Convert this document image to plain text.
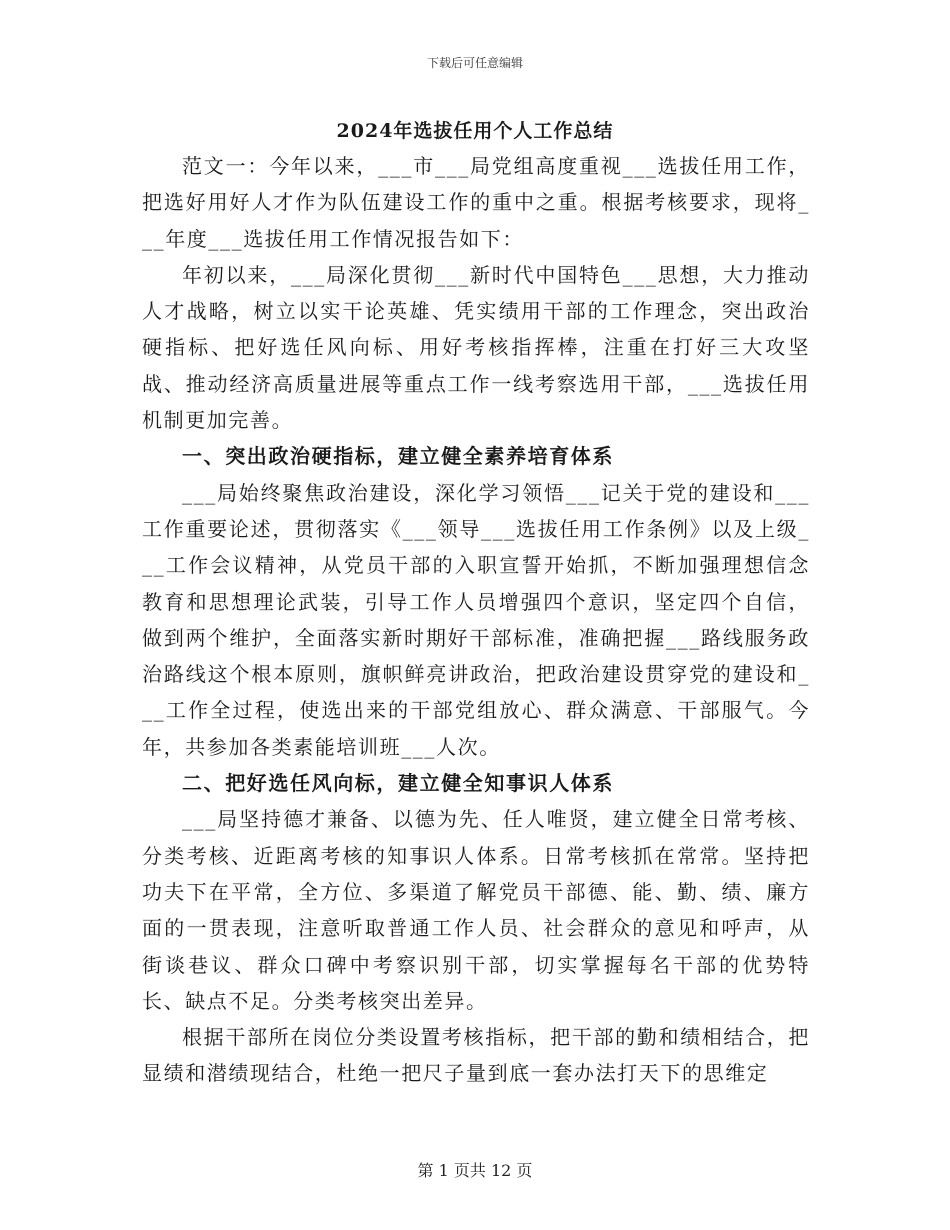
下载后可任意编辑
2024年选拔任用个人工作总结

范文一：今年以来，___市___局党组高度重视___选拔任用工作，把选好用好人才作为队伍建设工作的重中之重。根据考核要求，现将___年度___选拔任用工作情况报告如下：

年初以来，___局深化贯彻___新时代中国特色___思想，大力推动人才战略，树立以实干论英雄、凭实绩用干部的工作理念，突出政治硬指标、把好选任风向标、用好考核指挥棒，注重在打好三大攻坚战、推动经济高质量进展等重点工作一线考察选用干部，___选拔任用机制更加完善。

一、突出政治硬指标，建立健全素养培育体系

___局始终聚焦政治建设，深化学习领悟___记关于党的建设和___工作重要论述，贯彻落实《___领导___选拔任用工作条例》以及上级___工作会议精神，从党员干部的入职宣誓开始抓，不断加强理想信念教育和思想理论武装，引导工作人员增强四个意识，坚定四个自信，做到两个维护，全面落实新时期好干部标准，准确把握___路线服务政治路线这个根本原则，旗帜鲜亮讲政治，把政治建设贯穿党的建设和___工作全过程，使选出来的干部党组放心、群众满意、干部服气。今年，共参加各类素能培训班___人次。

二、把好选任风向标，建立健全知事识人体系

___局坚持德才兼备、以德为先、任人唯贤，建立健全日常考核、分类考核、近距离考核的知事识人体系。日常考核抓在常常。坚持把功夫下在平常，全方位、多渠道了解党员干部德、能、勤、绩、廉方面的一贯表现，注意听取普通工作人员、社会群众的意见和呼声，从街谈巷议、群众口碑中考察识别干部，切实掌握每名干部的优势特长、缺点不足。分类考核突出差异。

根据干部所在岗位分类设置考核指标，把干部的勤和绩相结合，把显绩和潜绩现结合，杜绝一把尺子量到底一套办法打天下的思维定

第 1 页共 12 页
